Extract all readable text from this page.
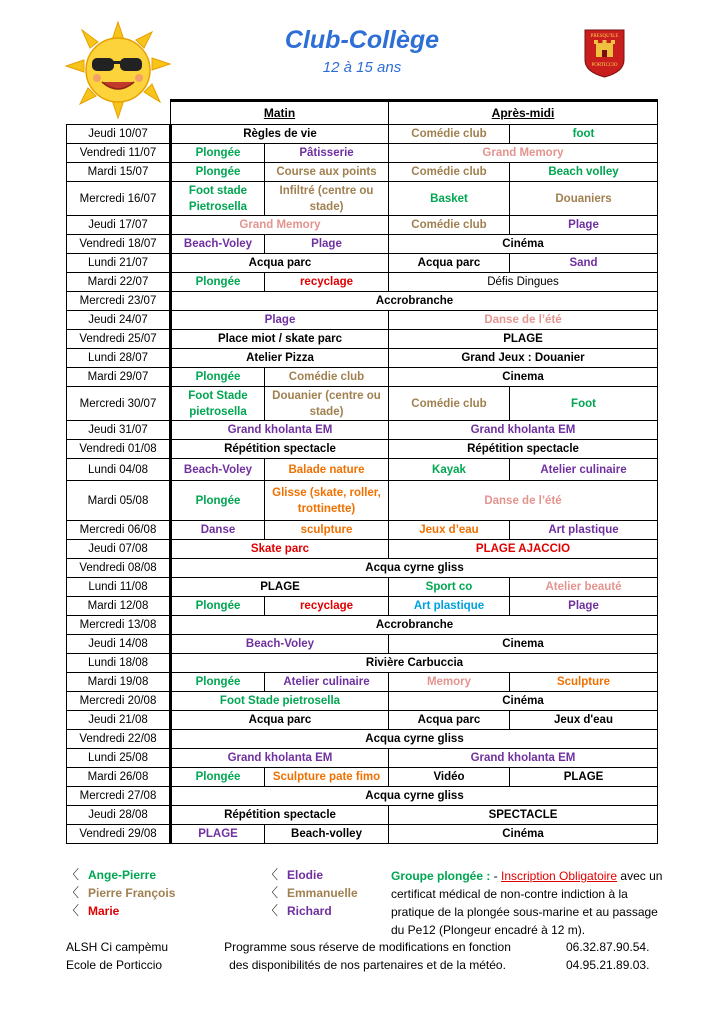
Club-Collège
12 à 15 ans
PRESQU'ILE
PORTICCIO
	Matin		Après-midi	
Jeudi 10/07	Règles de vie		Comédie club	foot
Vendredi 11/07	Plongée	Pâtisserie	Grand Memory	
Mardi 15/07	Plongée	Course aux points	Comédie club	Beach volley
Mercredi 16/07	Foot stade Pietrosella	Infiltré (centre ou stade)	Basket	Douaniers
Jeudi 17/07	Grand Memory		Comédie club	Plage
Vendredi 18/07	Beach-Voley	Plage	Cinéma	
Lundi 21/07	Acqua parc		Acqua parc	Sand
Mardi 22/07	Plongée	recyclage	Défis Dingues	
Mercredi 23/07	Accrobranche			
Jeudi 24/07	Plage		Danse de l’été	
Vendredi 25/07	Place miot / skate parc		PLAGE	
Lundi 28/07	Atelier Pizza		Grand Jeux : Douanier	
Mardi 29/07	Plongée	Comédie club	Cinema	
Mercredi 30/07	Foot Stade pietrosella	Douanier (centre ou stade)	Comédie club	Foot
Jeudi 31/07	Grand kholanta EM		Grand kholanta EM	
Vendredi 01/08	Répétition spectacle		Répétition spectacle	
Lundi 04/08	Beach-Voley	Balade nature	Kayak	Atelier culinaire
Mardi 05/08	Plongée	Glisse (skate, roller, trottinette)	Danse de l’été	
Mercredi 06/08	Danse	sculpture	Jeux d’eau	Art plastique
Jeudi 07/08	Skate parc		PLAGE AJACCIO	
Vendredi 08/08	Acqua cyrne gliss			
Lundi 11/08	PLAGE		Sport co	Atelier beauté
Mardi 12/08	Plongée	recyclage	Art plastique	Plage
Mercredi 13/08	Accrobranche			
Jeudi 14/08	Beach-Voley		Cinema	
Lundi 18/08	Rivière Carbuccia			
Mardi 19/08	Plongée	Atelier culinaire	Memory	Sculpture
Mercredi 20/08	Foot Stade pietrosella		Cinéma	
Jeudi 21/08	Acqua parc		Acqua parc	Jeux d'eau
Vendredi 22/08	Acqua cyrne gliss			
Lundi 25/08	Grand kholanta EM		Grand kholanta EM	
Mardi 26/08	Plongée	Sculpture pate fimo	Vidéo	PLAGE
Mercredi 27/08	Acqua cyrne gliss			
Jeudi 28/08	Répétition spectacle		SPECTACLE	
Vendredi 29/08	PLAGE	Beach-volley	Cinéma	
〈 Ange-Pierre
〈 Pierre François
〈 Marie
〈 Elodie
〈 Emmanuelle
〈 Richard
Groupe plongée : - Inscription Obligatoire avec un certificat médical de non-contre indiction à la pratique de la plongée sous-marine et au passage du Pe12 (Plongeur encadré à 12 m).
ALSH Ci campèmu
Ecole de Porticcio
Programme sous réserve de modifications en fonction
des disponibilités de nos partenaires et de la météo.
06.32.87.90.54.
04.95.21.89.03.
